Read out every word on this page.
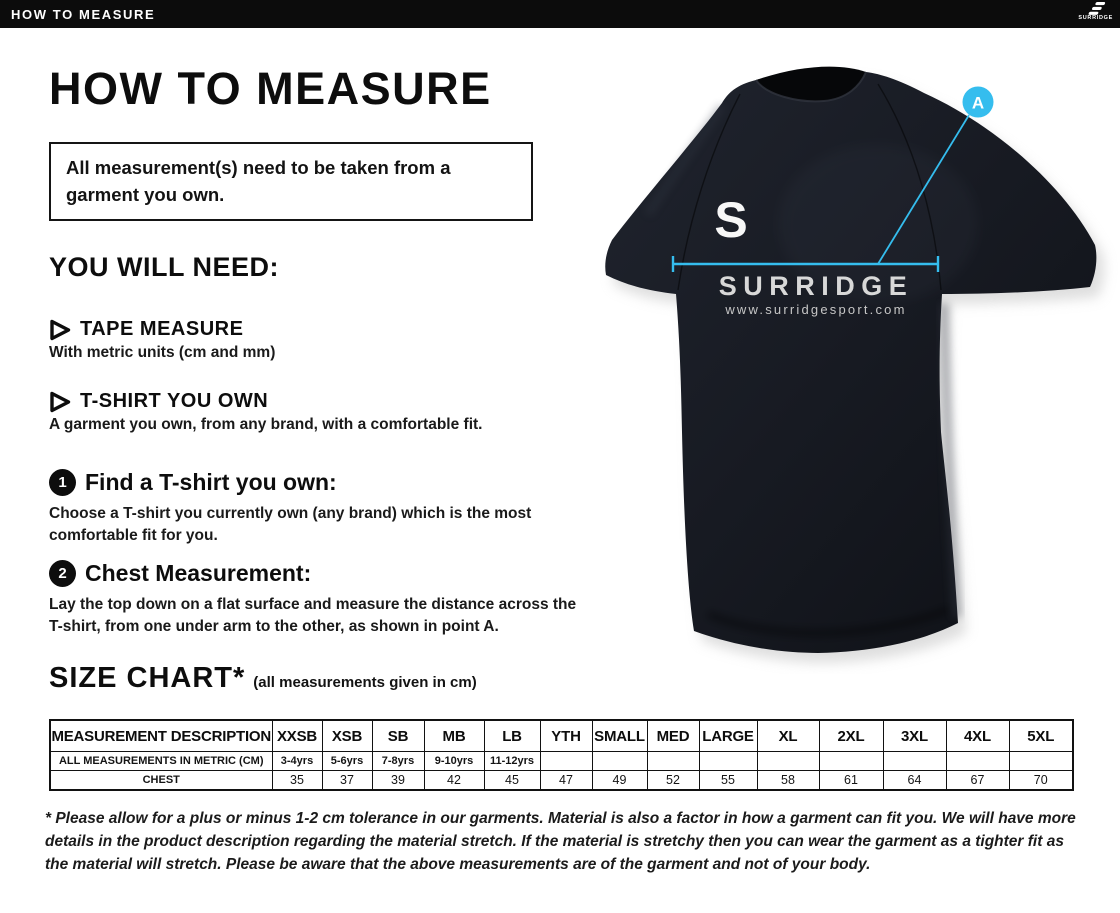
HOW TO MEASURE	SURRIDGE
HOW TO MEASURE
All measurement(s) need to be taken from a garment you own.
YOU WILL NEED:
TAPE MEASURE
With metric units (cm and mm)
T-SHIRT YOU OWN
A garment you own, from any brand, with a comfortable fit.
1 Find a T-shirt you own:
Choose a T-shirt you currently own (any brand) which is the most comfortable fit for you.
2 Chest Measurement:
Lay the top down on a flat surface and measure the distance across the T-shirt, from one under arm to the other, as shown in point A.
SIZE CHART* (all measurements given in cm)
MEASUREMENT DESCRIPTION	XXSB	XSB	SB	MB	LB	YTH	SMALL	MED	LARGE	XL	2XL	3XL	4XL	5XL
ALL MEASUREMENTS IN METRIC (CM)	3-4yrs	5-6yrs	7-8yrs	9-10yrs	11-12yrs									
CHEST	35	37	39	42	45	47	49	52	55	58	61	64	67	70
* Please allow for a plus or minus 1-2 cm tolerance in our garments. Material is also a factor in how a garment can fit you. We will have more details in the product description regarding the material stretch. If the material is stretchy then you can wear the garment as a tighter fit as the material will stretch. Please be aware that the above measurements are of the garment and not of your body.
S
SURRIDGE
www.surridgesport.com
A
